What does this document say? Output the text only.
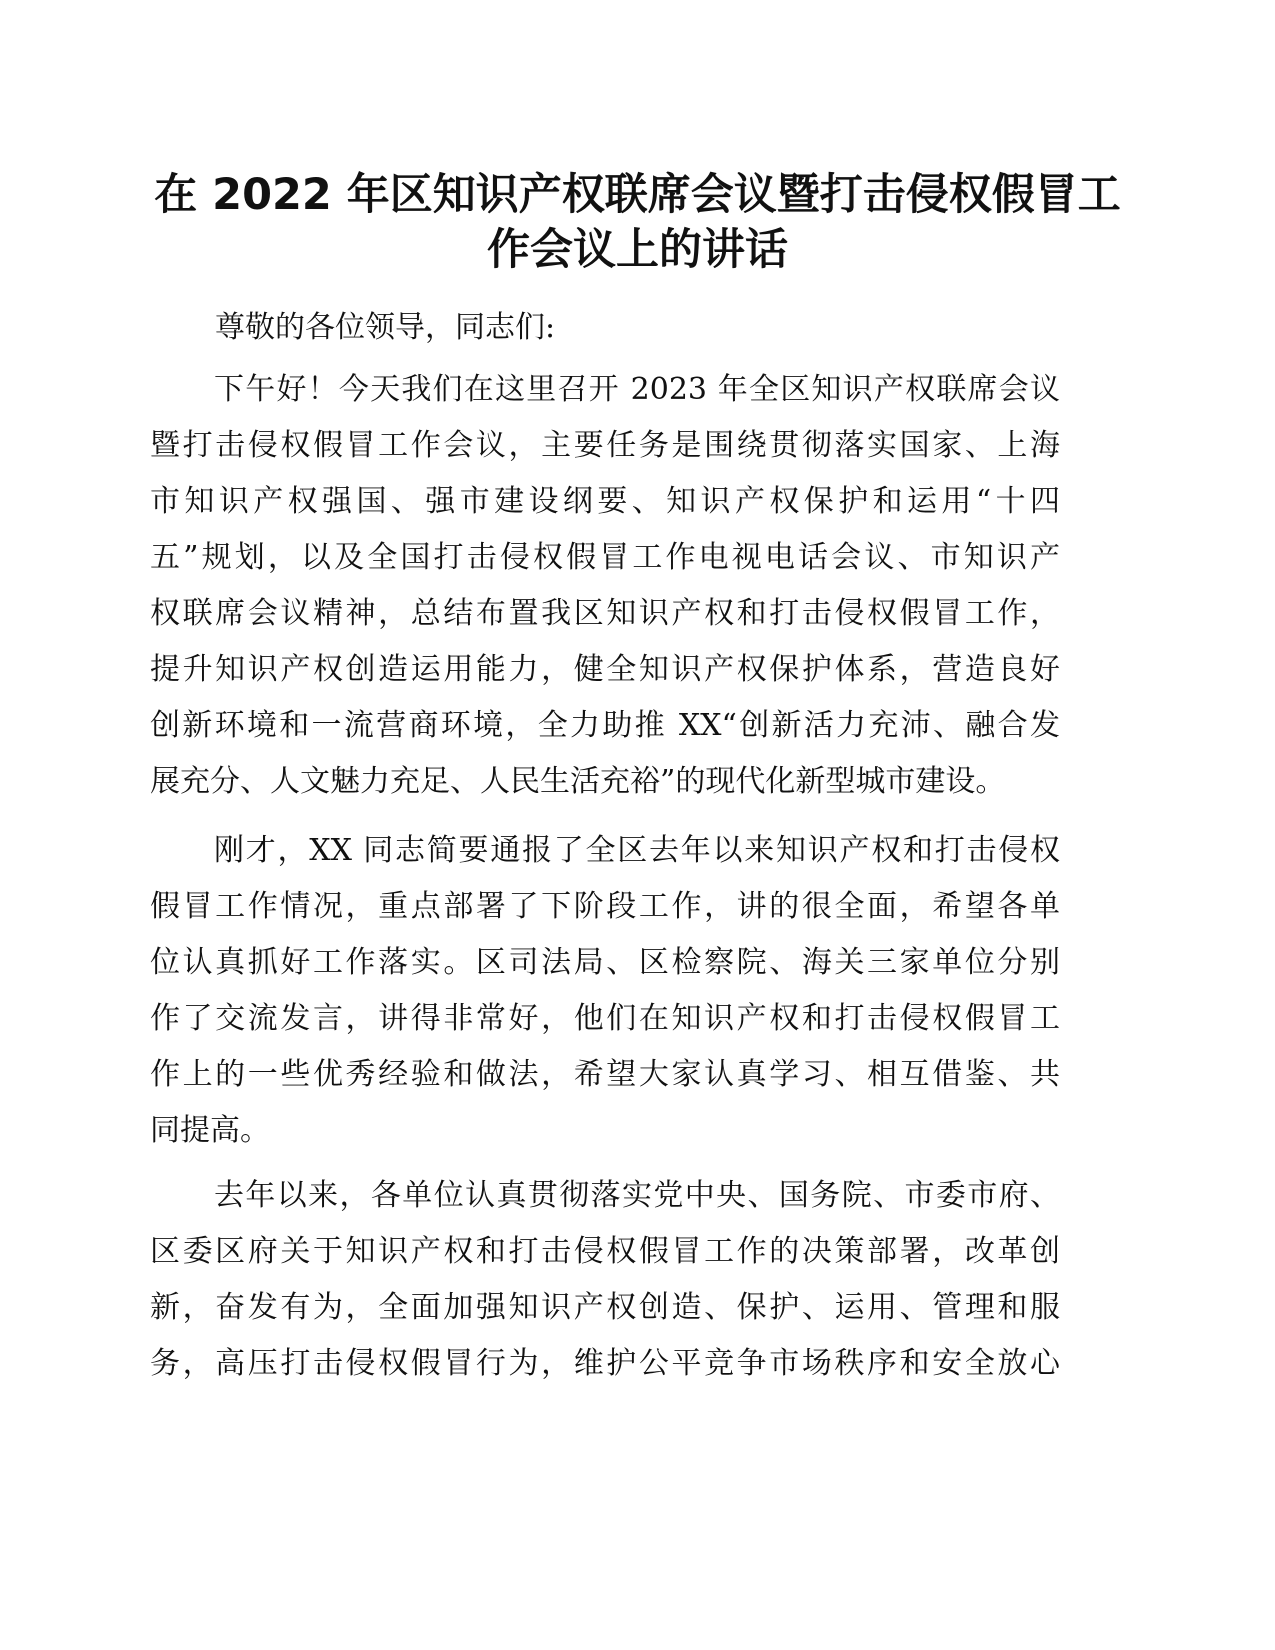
在 2022 年区知识产权联席会议暨打击侵权假冒工
作会议上的讲话

尊敬的各位领导，同志们:

下午好！今天我们在这里召开 2023 年全区知识产权联席会议
暨打击侵权假冒工作会议，主要任务是围绕贯彻落实国家、上海
市知识产权强国、强市建设纲要、知识产权保护和运用“十四
五”规划，以及全国打击侵权假冒工作电视电话会议、市知识产
权联席会议精神，总结布置我区知识产权和打击侵权假冒工作，
提升知识产权创造运用能力，健全知识产权保护体系，营造良好
创新环境和一流营商环境，全力助推 XX“创新活力充沛、融合发
展充分、人文魅力充足、人民生活充裕”的现代化新型城市建设。

刚才，XX 同志简要通报了全区去年以来知识产权和打击侵权
假冒工作情况，重点部署了下阶段工作，讲的很全面，希望各单
位认真抓好工作落实。区司法局、区检察院、海关三家单位分别
作了交流发言，讲得非常好，他们在知识产权和打击侵权假冒工
作上的一些优秀经验和做法，希望大家认真学习、相互借鉴、共
同提高。

去年以来，各单位认真贯彻落实党中央、国务院、市委市府、
区委区府关于知识产权和打击侵权假冒工作的决策部署，改革创
新，奋发有为，全面加强知识产权创造、保护、运用、管理和服
务，高压打击侵权假冒行为，维护公平竞争市场秩序和安全放心
